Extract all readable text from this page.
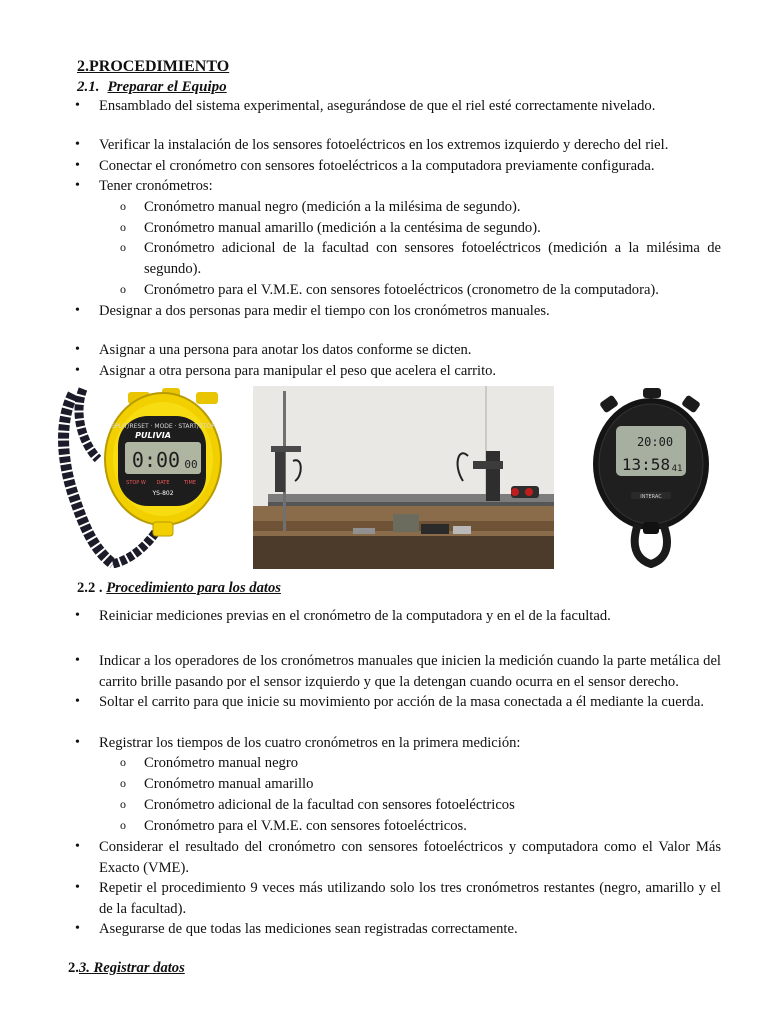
2.PROCEDIMIENTO
2.1. Preparar el Equipo
• Ensamblado del sistema experimental, asegurándose de que el riel esté correctamente nivelado.
• Verificar la instalación de los sensores fotoeléctricos en los extremos izquierdo y derecho del riel.
• Conectar el cronómetro con sensores fotoeléctricos a la computadora previamente configurada.
• Tener cronómetros:
o Cronómetro manual negro (medición a la milésima de segundo).
o Cronómetro manual amarillo (medición a la centésima de segundo).
o Cronómetro adicional de la facultad con sensores fotoeléctricos (medición a la milésima de segundo).
o Cronómetro para el V.M.E. con sensores fotoeléctricos (cronometro de la computadora).
• Designar a dos personas para medir el tiempo con los cronómetros manuales.
• Asignar a una persona para anotar los datos conforme se dicten.
• Asignar a otra persona para manipular el peso que acelera el carrito.
SPLIT/RESET · MODE · START/STOP
PULIVIA
0:00 00
STOP W DATE	TIME
YS-802
20:00
13:58 41
INTERAC
2.2 . Procedimiento para los datos
• Reiniciar mediciones previas en el cronómetro de la computadora y en el de la facultad.
• Indicar a los operadores de los cronómetros manuales que inicien la medición cuando la parte metálica del carrito brille pasando por el sensor izquierdo y que la detengan cuando ocurra en el sensor derecho.
• Soltar el carrito para que inicie su movimiento por acción de la masa conectada a él mediante la cuerda.
• Registrar los tiempos de los cuatro cronómetros en la primera medición:
o Cronómetro manual negro
o Cronómetro manual amarillo
o Cronómetro adicional de la facultad con sensores fotoeléctricos
o Cronómetro para el V.M.E. con sensores fotoeléctricos.
• Considerar el resultado del cronómetro con sensores fotoeléctricos y computadora como el Valor Más Exacto (VME).
• Repetir el procedimiento 9 veces más utilizando solo los tres cronómetros restantes (negro, amarillo y el de la facultad).
• Asegurarse de que todas las mediciones sean registradas correctamente.
2.3. Registrar datos
